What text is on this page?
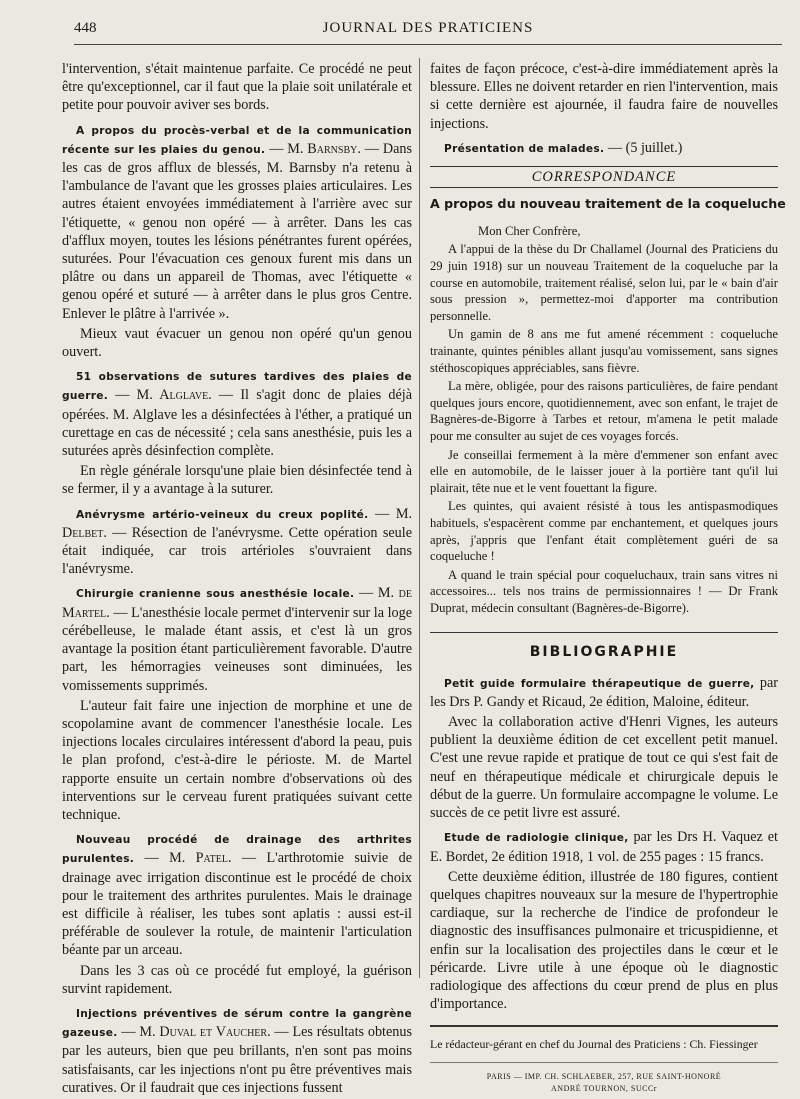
448	JOURNAL DES PRATICIENS

l'intervention, s'était maintenue parfaite. Ce procédé ne peut être qu'exceptionnel, car il faut que la plaie soit unilatérale et petite pour pouvoir aviver ses bords.

A propos du procès-verbal et de la communication récente sur les plaies du genou. — M. Barnsby. — Dans les cas de gros afflux de blessés, M. Barnsby n'a retenu à l'ambulance de l'avant que les grosses plaies articulaires. Les autres étaient envoyées immédiatement à l'arrière avec sur l'étiquette, « genou non opéré — à arrêter. Dans les cas d'afflux moyen, toutes les lésions pénétrantes furent opérées, suturées. Pour l'évacuation ces genoux furent mis dans un plâtre ou dans un appareil de Thomas, avec l'étiquette « genou opéré et suturé — à arrêter dans le plus gros Centre. Enlever le plâtre à l'arrivée ».

Mieux vaut évacuer un genou non opéré qu'un genou ouvert.

51 observations de sutures tardives des plaies de guerre. — M. Alglave. — Il s'agit donc de plaies déjà opérées. M. Alglave les a désinfectées à l'éther, a pratiqué un curettage en cas de nécessité ; cela sans anesthésie, puis les a suturées après désinfection complète.

En règle générale lorsqu'une plaie bien désinfectée tend à se fermer, il y a avantage à la suturer.

Anévrysme artério-veineux du creux poplité. — M. Delbet. — Résection de l'anévrysme. Cette opération seule était indiquée, car trois artérioles s'ouvraient dans l'anévrysme.

Chirurgie cranienne sous anesthésie locale. — M. de Martel. — L'anesthésie locale permet d'intervenir sur la loge cérébelleuse, le malade étant assis, et c'est là un gros avantage la position étant particulièrement favorable. D'autre part, les hémorragies veineuses sont diminuées, les vomissements supprimés.

L'auteur fait faire une injection de morphine et une de scopolamine avant de commencer l'anesthésie locale. Les injections locales circulaires intéressent d'abord la peau, puis le plan profond, c'est-à-dire le périoste. M. de Martel rapporte ensuite un certain nombre d'observations où des interventions sur le cerveau furent pratiquées suivant cette technique.

Nouveau procédé de drainage des arthrites purulentes. — M. Patel. — L'arthrotomie suivie de drainage avec irrigation discontinue est le procédé de choix pour le traitement des arthrites purulentes. Mais le drainage est difficile à réaliser, les tubes sont aplatis : aussi est-il préférable de soulever la rotule, de maintenir l'articulation béante par un arceau.

Dans les 3 cas où ce procédé fut employé, la guérison survint rapidement.

Injections préventives de sérum contre la gangrène gazeuse. — M. Duval et Vaucher. — Les résultats obtenus par les auteurs, bien que peu brillants, n'en sont pas moins satisfaisants, car les injections n'ont pu être préventives mais curatives. Or il faudrait que ces injections fussent

faites de façon précoce, c'est-à-dire immédiatement après la blessure. Elles ne doivent retarder en rien l'intervention, mais si cette dernière est ajournée, il faudra faire de nouvelles injections.

Présentation de malades. — (5 juillet.)

CORRESPONDANCE

A propos du nouveau traitement de la coqueluche

Mon Cher Confrère,

A l'appui de la thèse du Dr Challamel (Journal des Praticiens du 29 juin 1918) sur un nouveau Traitement de la coqueluche par la course en automobile, traitement réalisé, selon lui, par le « bain d'air sous pression », permettez-moi d'apporter ma contribution personnelle.

Un gamin de 8 ans me fut amené récemment : coqueluche trainante, quintes pénibles allant jusqu'au vomissement, sans signes stéthoscopiques appréciables, sans fièvre.

La mère, obligée, pour des raisons particulières, de faire pendant quelques jours encore, quotidiennement, avec son enfant, le trajet de Bagnères-de-Bigorre à Tarbes et retour, m'amena le petit malade pour me consulter au sujet de ces voyages forcés.

Je conseillai fermement à la mère d'emmener son enfant avec elle en automobile, de le laisser jouer à la portière tant qu'il lui plairait, tête nue et le vent fouettant la figure.

Les quintes, qui avaient résisté à tous les antispasmodiques habituels, s'espacèrent comme par enchantement, et quelques jours après, j'appris que l'enfant était complètement guéri de sa coqueluche !

A quand le train spécial pour coqueluchaux, train sans vitres ni accessoires... tels nos trains de permissionnaires ! — Dr Frank Duprat, médecin consultant (Bagnères-de-Bigorre).

BIBLIOGRAPHIE

Petit guide formulaire thérapeutique de guerre, par les Drs P. Gandy et Ricaud, 2e édition, Maloine, éditeur.

Avec la collaboration active d'Henri Vignes, les auteurs publient la deuxième édition de cet excellent petit manuel. C'est une revue rapide et pratique de tout ce qui s'est fait de neuf en thérapeutique médicale et chirurgicale depuis le début de la guerre. Un formulaire accompagne le volume. Le succès de ce petit livre est assuré.

Etude de radiologie clinique, par les Drs H. Vaquez et E. Bordet, 2e édition 1918, 1 vol. de 255 pages : 15 francs.

Cette deuxième édition, illustrée de 180 figures, contient quelques chapitres nouveaux sur la mesure de l'hypertrophie cardiaque, sur la recherche de l'indice de profondeur le diagnostic des insuffisances pulmonaire et tricuspidienne, et enfin sur la localisation des projectiles dans le cœur et le péricarde. Livre utile à une époque où le diagnostic radiologique des affections du cœur prend de plus en plus d'importance.

Le rédacteur-gérant en chef du Journal des Praticiens : Ch. Fiessinger

PARIS — IMP. CH. SCHLAEBER, 257, RUE SAINT-HONORÉ
ANDRÉ TOURNON, SUCCr
